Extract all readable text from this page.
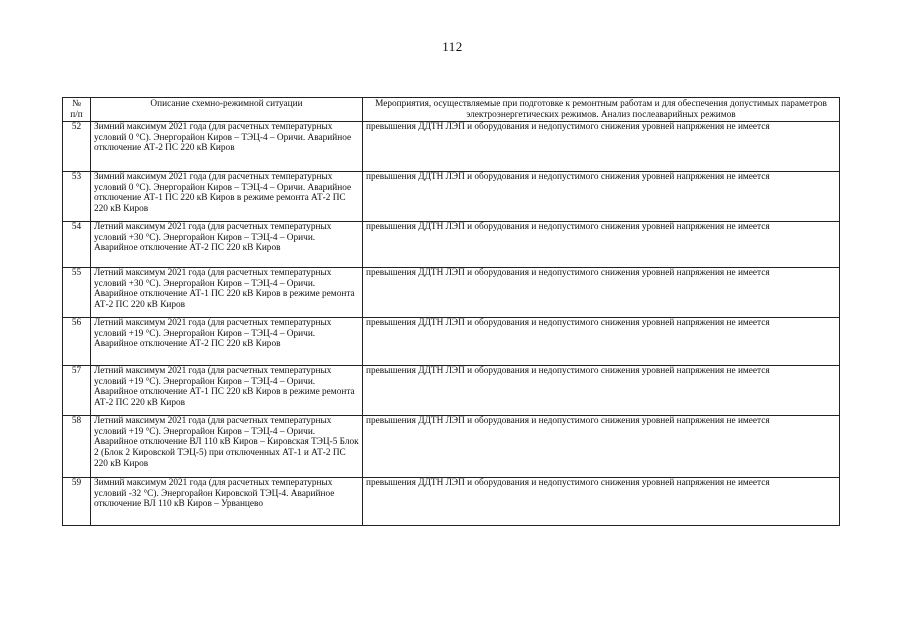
112
№
п/п	Описание схемно-режимной ситуации	Мероприятия, осуществляемые при подготовке к ремонтным работам и для обеспечения допустимых параметров электроэнергетических режимов. Анализ послеаварийных режимов
52	Зимний максимум 2021 года (для расчетных температурных условий 0 °С). Энергорайон Киров – ТЭЦ-4 – Оричи. Аварийное отключение АТ-2 ПС 220 кВ Киров	превышения ДДТН ЛЭП и оборудования и недопустимого снижения уровней напряжения не имеется
53	Зимний максимум 2021 года (для расчетных температурных условий 0 °С). Энергорайон Киров – ТЭЦ-4 – Оричи. Аварийное отключение АТ-1 ПС 220 кВ Киров в режиме ремонта АТ-2 ПС 220 кВ Киров	превышения ДДТН ЛЭП и оборудования и недопустимого снижения уровней напряжения не имеется
54	Летний максимум 2021 года (для расчетных температурных условий +30 °С). Энергорайон Киров – ТЭЦ-4 – Оричи. Аварийное отключение АТ-2 ПС 220 кВ Киров	превышения ДДТН ЛЭП и оборудования и недопустимого снижения уровней напряжения не имеется
55	Летний максимум 2021 года (для расчетных температурных условий +30 °С). Энергорайон Киров – ТЭЦ-4 – Оричи. Аварийное отключение АТ-1 ПС 220 кВ Киров в режиме ремонта АТ-2 ПС 220 кВ Киров	превышения ДДТН ЛЭП и оборудования и недопустимого снижения уровней напряжения не имеется
56	Летний максимум 2021 года (для расчетных температурных условий +19 °С). Энергорайон Киров – ТЭЦ-4 – Оричи. Аварийное отключение АТ-2 ПС 220 кВ Киров	превышения ДДТН ЛЭП и оборудования и недопустимого снижения уровней напряжения не имеется
57	Летний максимум 2021 года (для расчетных температурных условий +19 °С). Энергорайон Киров – ТЭЦ-4 – Оричи. Аварийное отключение АТ-1 ПС 220 кВ Киров в режиме ремонта АТ-2 ПС 220 кВ Киров	превышения ДДТН ЛЭП и оборудования и недопустимого снижения уровней напряжения не имеется
58	Летний максимум 2021 года (для расчетных температурных условий +19 °С). Энергорайон Киров – ТЭЦ-4 – Оричи. Аварийное отключение ВЛ 110 кВ Киров – Кировская ТЭЦ-5 Блок 2 (Блок 2 Кировской ТЭЦ-5) при отключенных АТ-1 и АТ-2 ПС 220 кВ Киров	превышения ДДТН ЛЭП и оборудования и недопустимого снижения уровней напряжения не имеется
59	Зимний максимум 2021 года (для расчетных температурных условий -32 °С). Энергорайон Кировской ТЭЦ-4. Аварийное отключение ВЛ 110 кВ Киров – Урванцево	превышения ДДТН ЛЭП и оборудования и недопустимого снижения уровней напряжения не имеется
